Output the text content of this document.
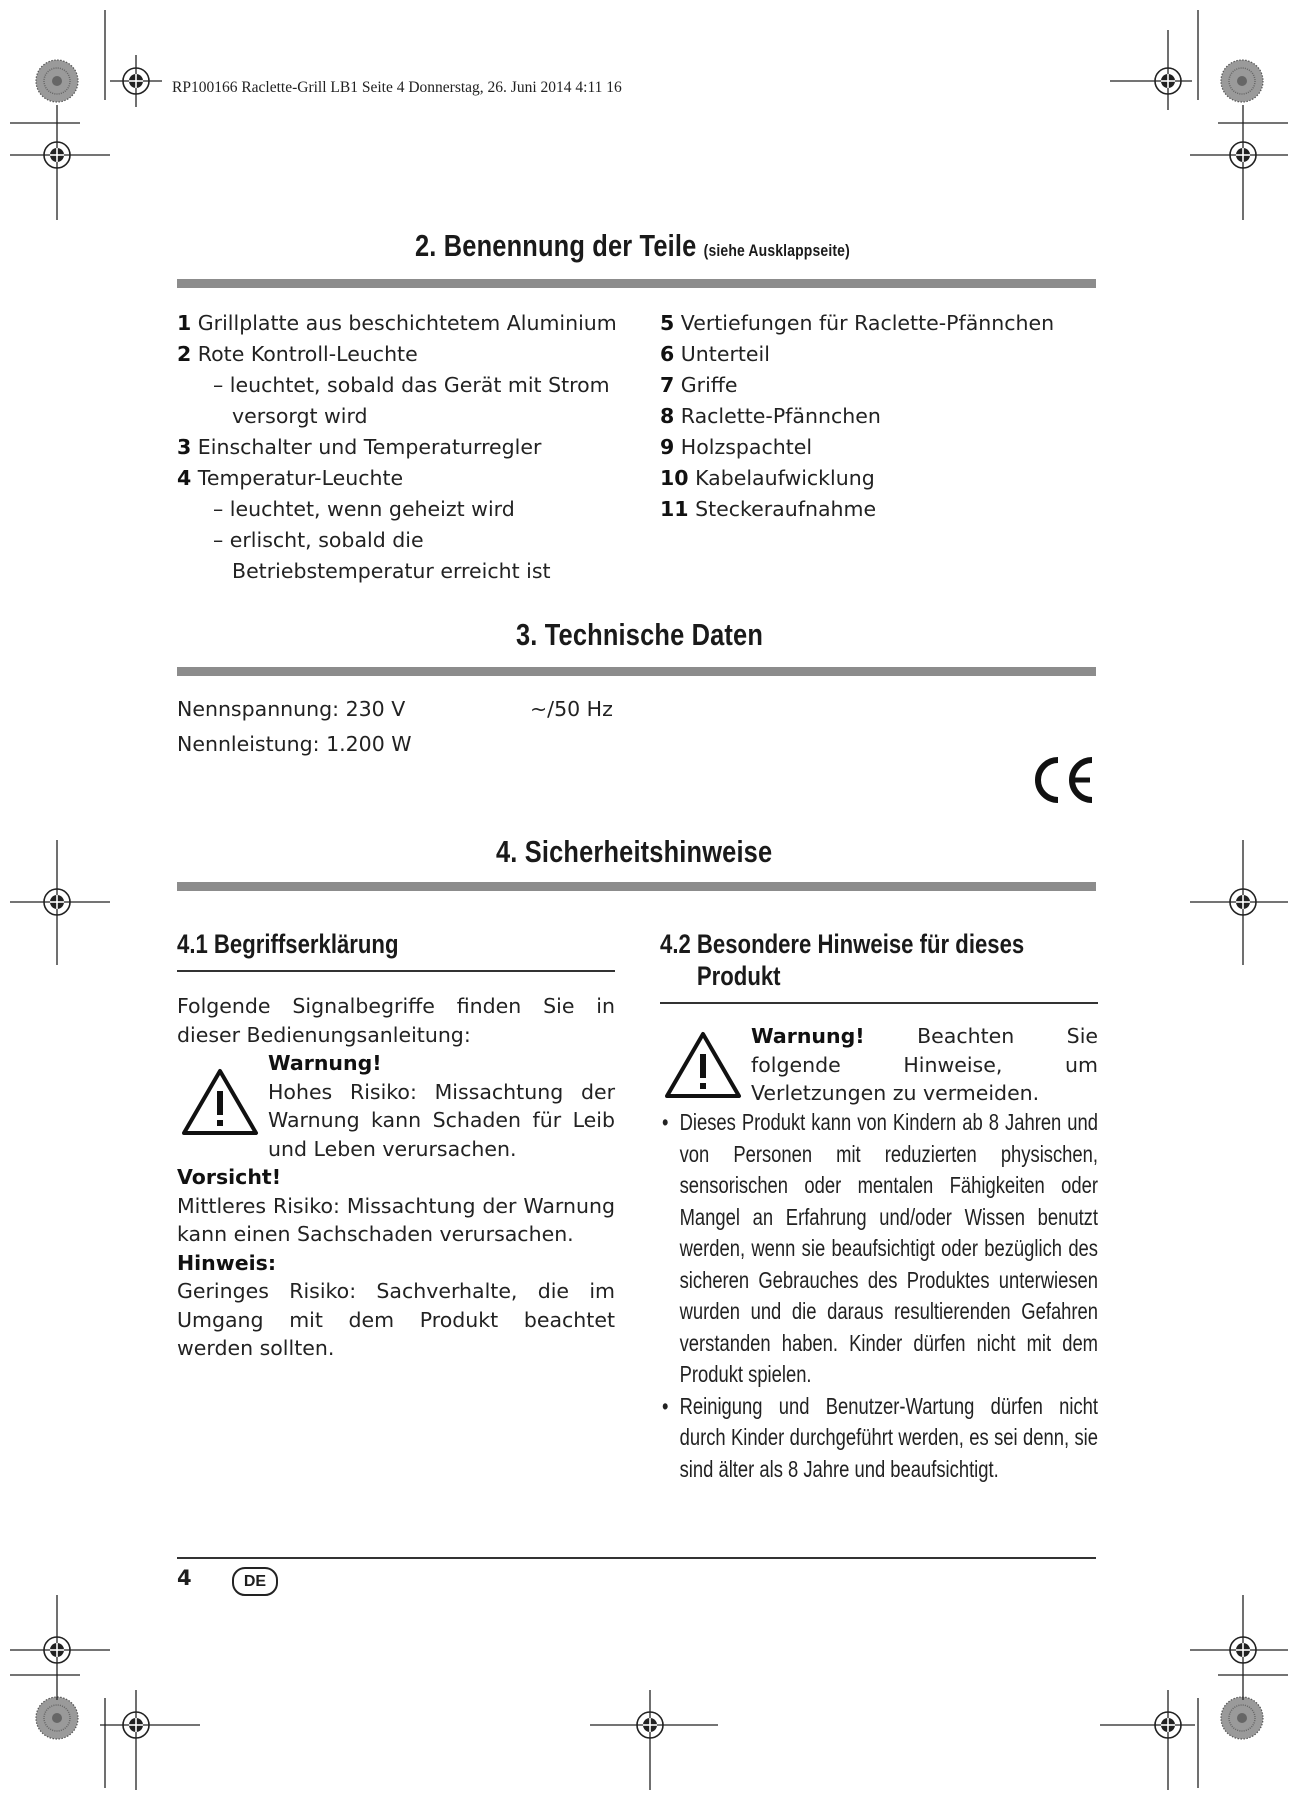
RP100166 Raclette-Grill LB1 Seite 4 Donnerstag, 26. Juni 2014 4:11 16
2. Benennung der Teile (siehe Ausklappseite)
1 Grillplatte aus beschichtetem Aluminium
2 Rote Kontroll-Leuchte
– leuchtet, sobald das Gerät mit Strom versorgt wird
3 Einschalter und Temperaturregler
4 Temperatur-Leuchte
– leuchtet, wenn geheizt wird
– erlischt, sobald die Betriebstemperatur erreicht ist
5 Vertiefungen für Raclette-Pfännchen
6 Unterteil
7 Griffe
8 Raclette-Pfännchen
9 Holzspachtel
10 Kabelaufwicklung
11 Steckeraufnahme
3. Technische Daten
Nennspannung: 230 V	~/50 Hz
Nennleistung: 1.200 W
4. Sicherheitshinweise
4.1 Begriffserklärung
Folgende Signalbegriffe finden Sie in dieser Bedienungsanleitung:
Warnung!
Hohes Risiko: Missachtung der Warnung kann Schaden für Leib und Leben verursachen.
Vorsicht!
Mittleres Risiko: Missachtung der Warnung kann einen Sachschaden verursachen.
Hinweis:
Geringes Risiko: Sachverhalte, die im Umgang mit dem Produkt beachtet werden sollten.
4.2 Besondere Hinweise für dieses
Produkt
Warnung!	Beachten Sie folgende Hinweise, um Verletzungen zu vermeiden.
• Dieses Produkt kann von Kindern ab 8 Jahren und von Personen mit reduzierten physischen, sensorischen oder mentalen Fähigkeiten oder Mangel an Erfahrung und/oder Wissen benutzt werden, wenn sie beaufsichtigt oder bezüglich des sicheren Gebrauches des Produktes unterwiesen wurden und die daraus resultierenden Gefahren verstanden haben. Kinder dürfen nicht mit dem Produkt spielen.
• Reinigung und Benutzer-Wartung dürfen nicht durch Kinder durchgeführt werden, es sei denn, sie sind älter als 8 Jahre und beaufsichtigt.
4	DE
